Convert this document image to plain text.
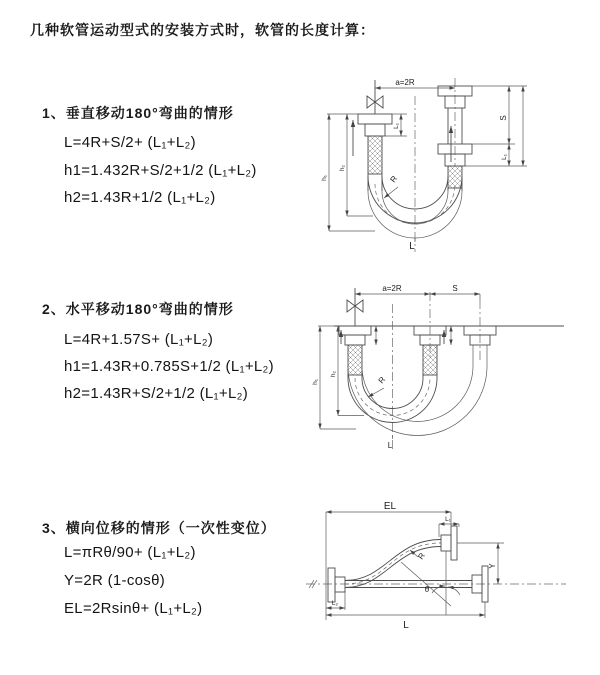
几种软管运动型式的安装方式时，软管的长度计算：
1、垂直移动180°弯曲的情形
L=4R+S/2+ (L₁+L₂)
h1=1.432R+S/2+1/2 (L₁+L₂)
h2=1.43R+1/2 (L₁+L₂)
a=2R
S
L₁
L₁
h₁
h₂
R
L
2、水平移动180°弯曲的情形
L=4R+1.57S+ (L₁+L₂)
h1=1.43R+0.785S+1/2 (L₁+L₂)
h2=1.43R+S/2+1/2 (L₁+L₂)
a=2R	S
h₁
h₂
R
L
3、横向位移的情形（一次性变位）
L=πRθ/90+ (L₁+L₂)
Y=2R (1-cosθ)
EL=2Rsinθ+ (L₁+L₂)
EL
L₁
Y
R
θ
L₂
L
